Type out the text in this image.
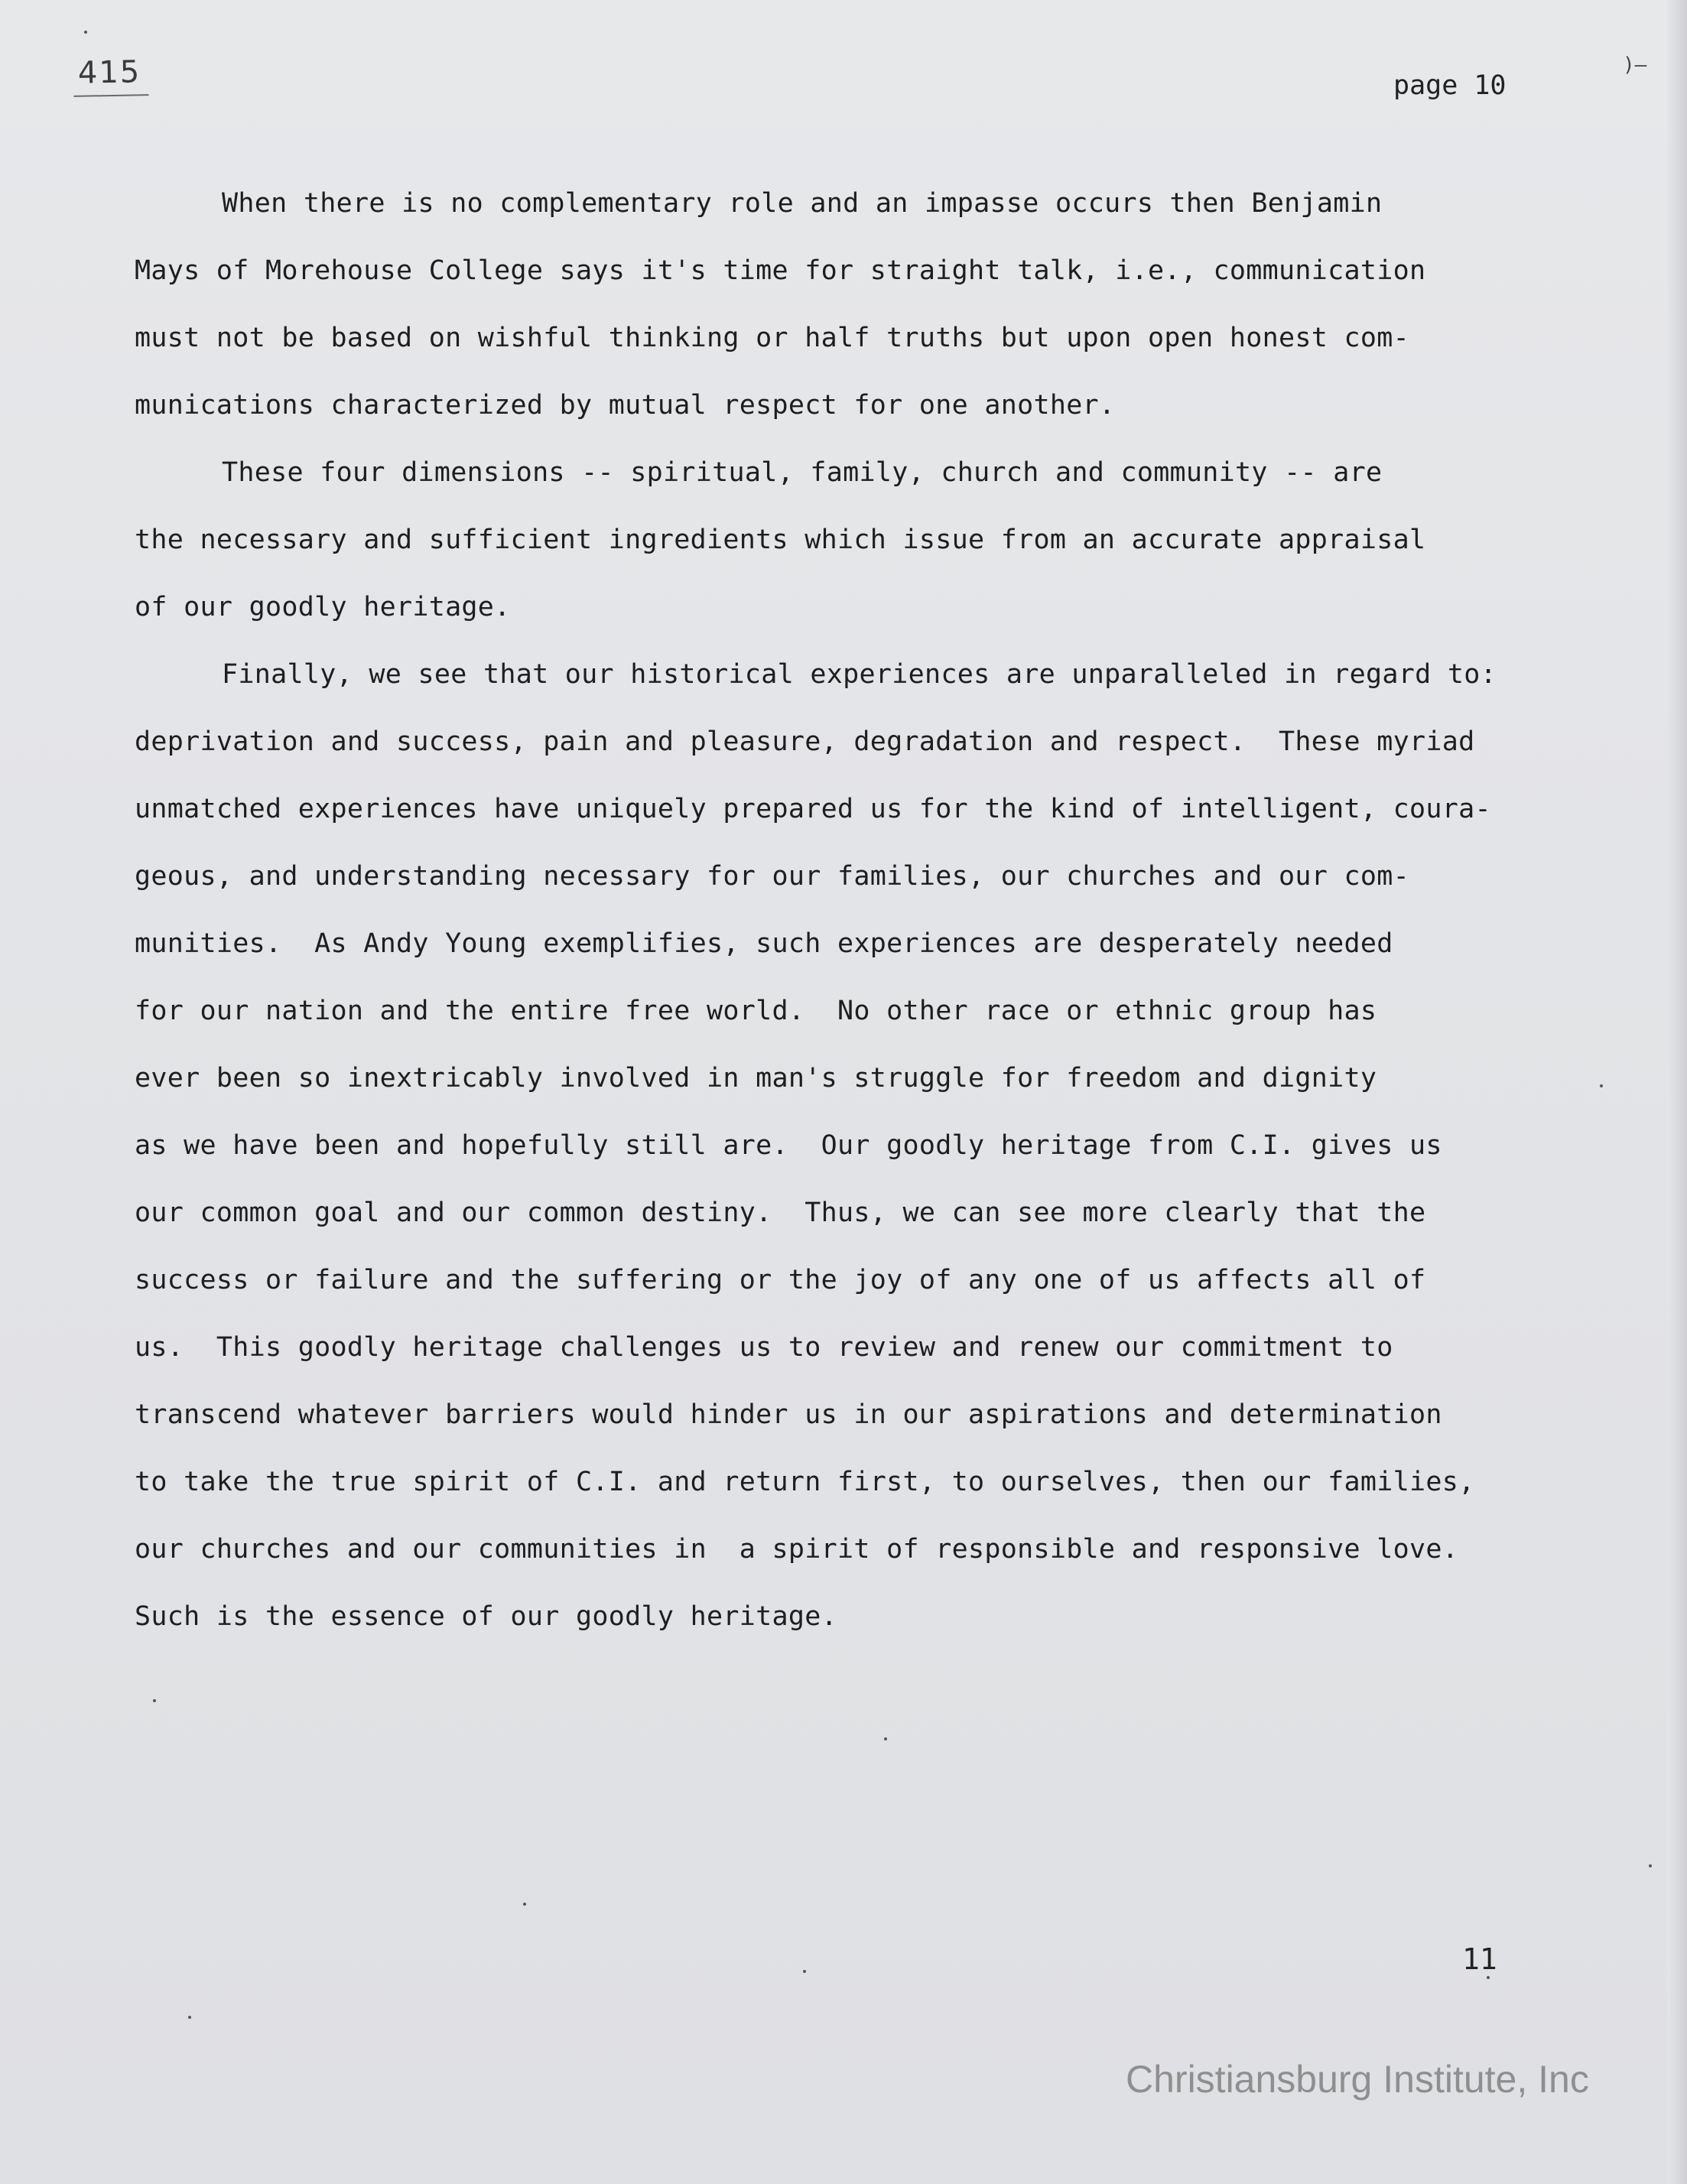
415	page 10
)–
When there is no complementary role and an impasse occurs then Benjamin
Mays of Morehouse College says it's time for straight talk, i.e., communication
must not be based on wishful thinking or half truths but upon open honest com-
munications characterized by mutual respect for one another.
These four dimensions -- spiritual, family, church and community -- are
the necessary and sufficient ingredients which issue from an accurate appraisal
of our goodly heritage.
Finally, we see that our historical experiences are unparalleled in regard to:
deprivation and success, pain and pleasure, degradation and respect.  These myriad
unmatched experiences have uniquely prepared us for the kind of intelligent, coura-
geous, and understanding necessary for our families, our churches and our com-
munities.  As Andy Young exemplifies, such experiences are desperately needed
for our nation and the entire free world.  No other race or ethnic group has
ever been so inextricably involved in man's struggle for freedom and dignity
as we have been and hopefully still are.  Our goodly heritage from C.I. gives us
our common goal and our common destiny.  Thus, we can see more clearly that the
success or failure and the suffering or the joy of any one of us affects all of
us.  This goodly heritage challenges us to review and renew our commitment to
transcend whatever barriers would hinder us in our aspirations and determination
to take the true spirit of C.I. and return first, to ourselves, then our families,
our churches and our communities in  a spirit of responsible and responsive love.
Such is the essence of our goodly heritage.
11
Christiansburg Institute, Inc
